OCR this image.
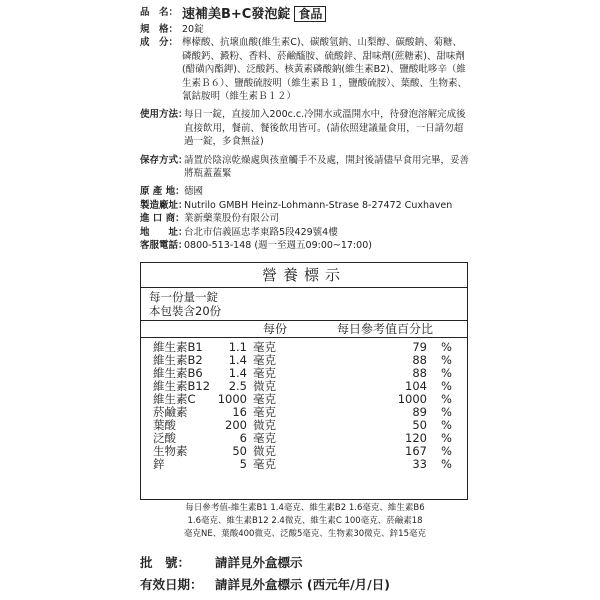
品　名： 速補美B+C發泡錠 食品
規　格： 20錠
成　分： 檸檬酸、抗壞血酸(維生素C)、碳酸氫鈉、山梨醇、碳酸鈉、菊糖、磷酸鈣、澱粉、香料、菸鹼醯胺、硫酸鋅、甜味劑(蔗糖素)、甜味劑(醋磺內酯鉀)、泛酸鈣、核黃素磷酸鈉(維生素B2)、鹽酸吡哆辛（維生素Ｂ６）、鹽酸硫胺明（維生素Ｂ１，鹽酸硫胺）、葉酸、生物素、氰鈷胺明（維生素Ｂ１２）
使用方法：
每日一錠，直接加入200c.c.冷開水或溫開水中，待發泡溶解完成後直接飲用，餐前、餐後飲用皆可。(請依照建議量食用，一日請勿超過一錠，多食無益)
保存方式：
請置於陰涼乾燥處與孩童觸手不及處，開封後請儘早食用完畢，妥善將瓶蓋蓋緊
原 產 地： 德國
製造廠址：
Nutrilo GMBH Heinz-Lohmann-Strase 8-27472 Cuxhaven
進 口 商： 業新藥業股份有限公司
地　　址：
台北市信義區忠孝東路5段429號4樓
客服電話：
0800-513-148 (週一至週五09:00~17:00)
營養標示
每一份量一錠
本包裝含20份
每份	每日參考值百分比
維生素B1 1.1 毫克	79 %
維生素B2 1.4 毫克	88 %
維生素B6 1.4 毫克	88 %
維生素B12 2.5 微克	104 %
維生素C 1000 毫克	1000 %
菸鹼素	16 毫克	89 %
葉酸	200 微克	50 %
泛酸	6 毫克	120 %
生物素	50 微克	167 %
鋅	5 毫克	33 %
每日參考值-維生素B1 1.4毫克、維生素B2 1.6毫克、維生素B6
1.6毫克、維生素B12 2.4微克、維生素C 100毫克、菸鹼素18
毫克NE、葉酸400微克、泛酸5毫克、生物素30微克、鋅15毫克
批　號： 請詳見外盒標示
有效日期： 請詳見外盒標示 (西元年/月/日)
